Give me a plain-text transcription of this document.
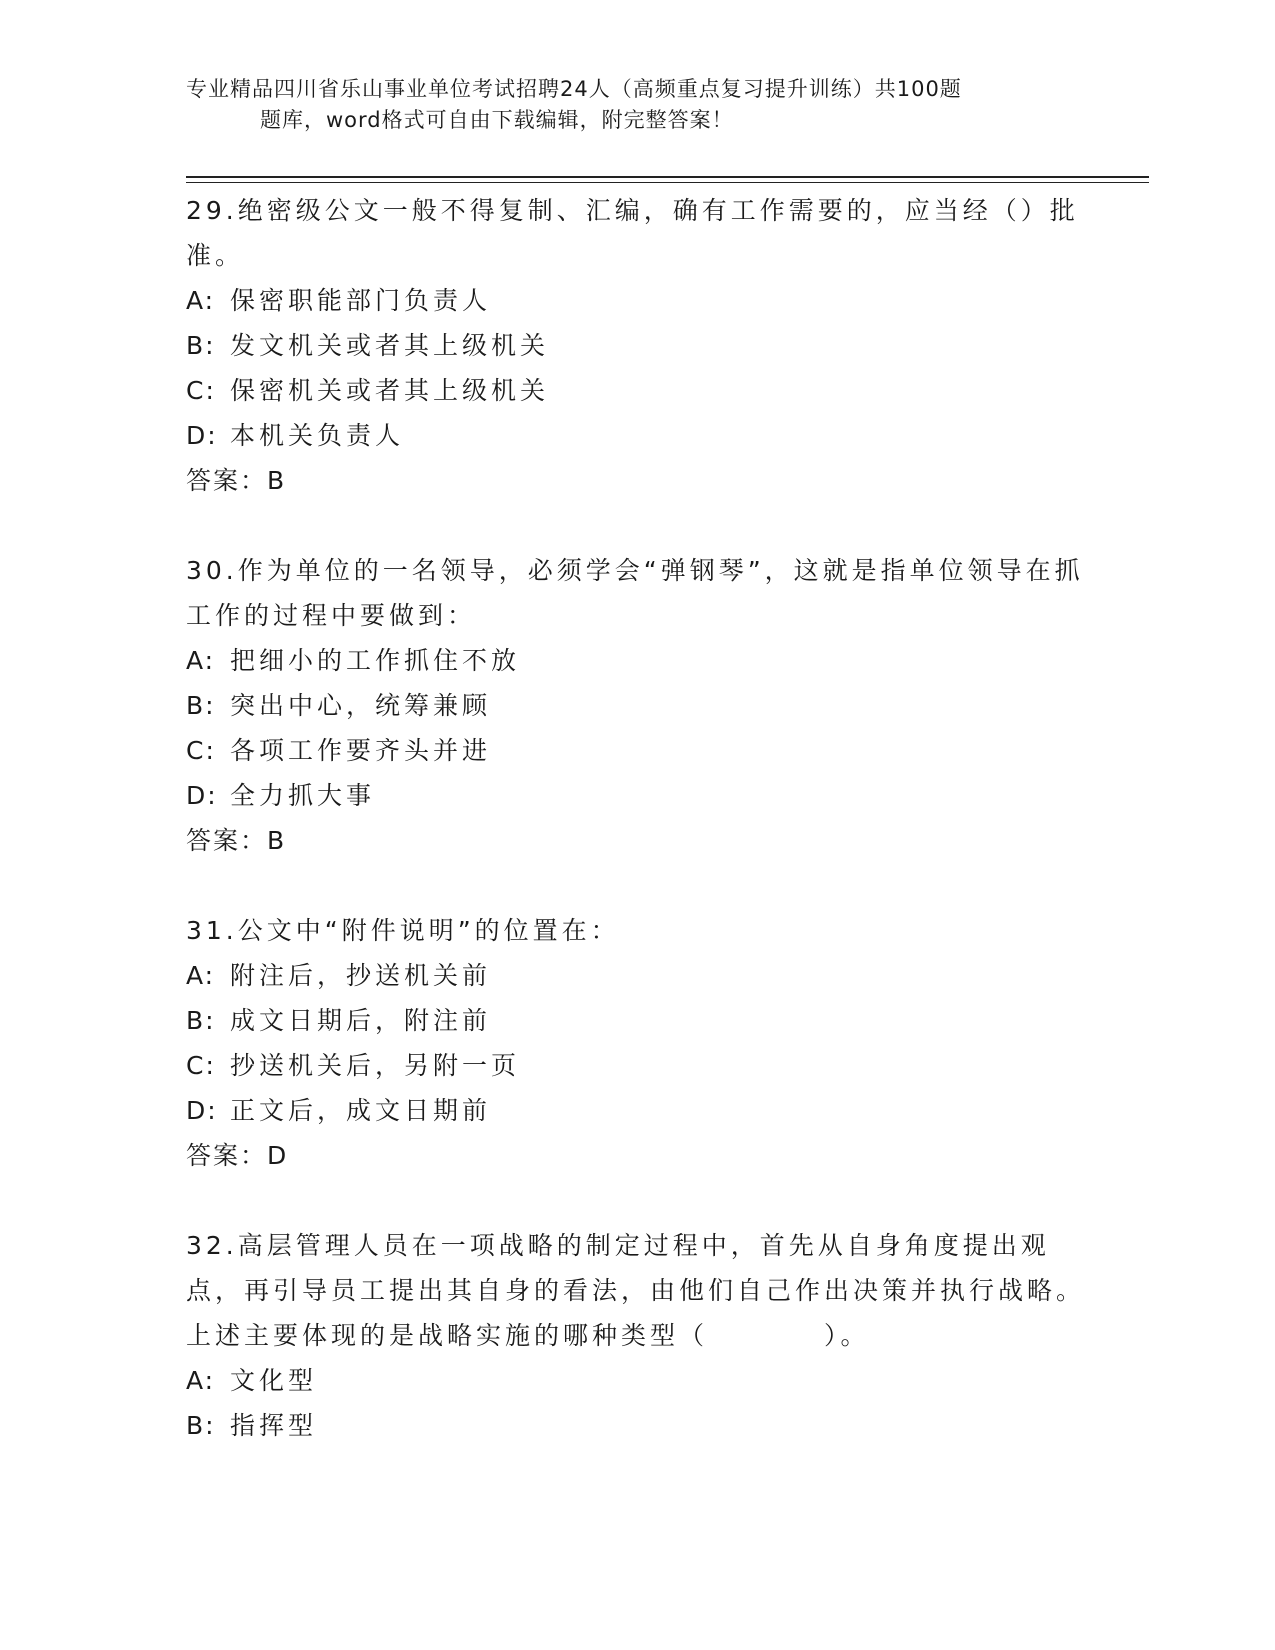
专业精品四川省乐山事业单位考试招聘24人（高频重点复习提升训练）共100题
题库，word格式可自由下载编辑，附完整答案！
29.绝密级公文一般不得复制、汇编，确有工作需要的，应当经（）批准。
A: 保密职能部门负责人
B: 发文机关或者其上级机关
C: 保密机关或者其上级机关
D: 本机关负责人
答案：B
30.作为单位的一名领导，必须学会“弹钢琴”，这就是指单位领导在抓工作的过程中要做到：
A: 把细小的工作抓住不放
B: 突出中心，统筹兼顾
C: 各项工作要齐头并进
D: 全力抓大事
答案：B
31.公文中“附件说明”的位置在：
A: 附注后，抄送机关前
B: 成文日期后，附注前
C: 抄送机关后，另附一页
D: 正文后，成文日期前
答案：D
32.高层管理人员在一项战略的制定过程中，首先从自身角度提出观点，再引导员工提出其自身的看法，由他们自己作出决策并执行战略。上述主要体现的是战略实施的哪种类型（　　　　）。
A: 文化型
B: 指挥型
